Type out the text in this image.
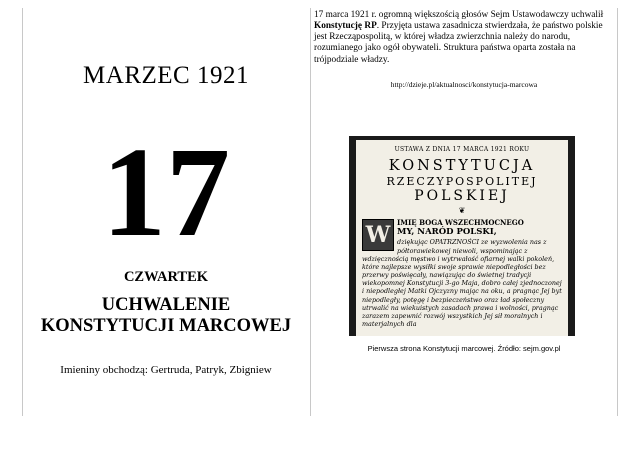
MARZEC 1921
17
CZWARTEK
UCHWALENIE
KONSTYTUCJI MARCOWEJ
Imieniny obchodzą: Gertruda, Patryk, Zbigniew
17 marca 1921 r. ogromną większością głosów Sejm Ustawodawczy uchwalił Konstytucję RP. Przyjęta ustawa zasadnicza stwierdzała, że państwo polskie jest Rzecząpospolitą, w której władza zwierzchnia należy do narodu, rozumianego jako ogół obywateli. Struktura państwa oparta została na trójpodziale władzy.
http://dzieje.pl/aktualnosci/konstytucja-marcowa
USTAWA Z DNIA 17 MARCA 1921 ROKU
KONSTYTUCJA
RZECZYPOSPOLITEJ
POLSKIEJ
❦
W IMIĘ BOGA WSZECHMOCNEGO
MY, NARÓD POLSKI,
dziękując OPATRZNOŚCI ze wyzwolenia nas z półtorawiekowej niewoli, wspominając z wdzięcznością męstwo i wytrwałość ofiarnej walki pokoleń, które najlepsze wysiłki swoje sprawie niepodległości bez przerwy poświęcały, nawiązując do świetnej tradycji wiekopomnej Konstytucji 3-go Maja, dobro całej zjednoczonej i niepodległej Matki Ojczyzny mając na oku, a pragnąc Jej byt niepodległy, potęgę i bezpieczeństwo oraz ład społeczny utrwalić na wiekuistych zasadach prawa i wolności, pragnąc zarazem zapewnić rozwój wszystkich Jej sił moralnych i materjalnych dla
Pierwsza strona Konstytucji marcowej. Źródło: sejm.gov.pl
